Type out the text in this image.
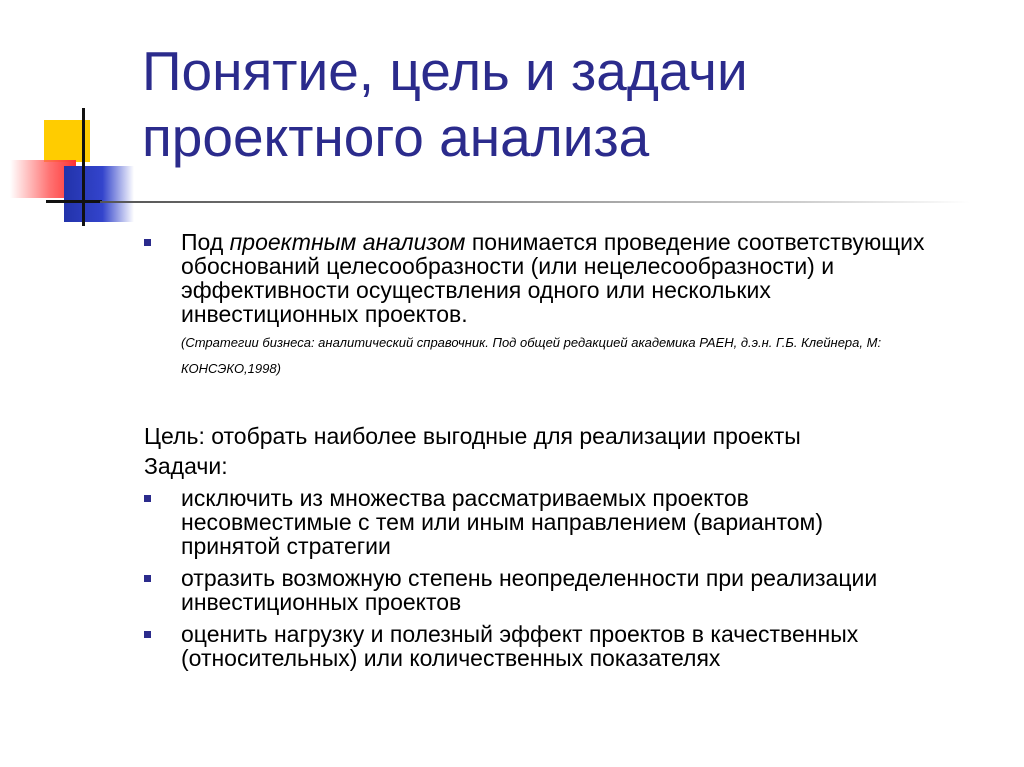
Понятие, цель и задачи
проектного анализа
Под проектным анализом понимается проведение соответствующих
обоснований целесообразности (или нецелесообразности) и
эффективности осуществления одного или нескольких
инвестиционных проектов.
(Стратегии бизнеса: аналитический справочник. Под общей редакцией академика РАЕН, д.э.н. Г.Б. Клейнера, М:
КОНСЭКО,1998)
Цель: отобрать наиболее выгодные для реализации проекты
Задачи:
исключить из множества рассматриваемых проектов
несовместимые с тем или иным направлением (вариантом)
принятой стратегии
отразить возможную степень неопределенности при реализации
инвестиционных проектов
оценить нагрузку и полезный эффект проектов в качественных
(относительных) или количественных показателях
